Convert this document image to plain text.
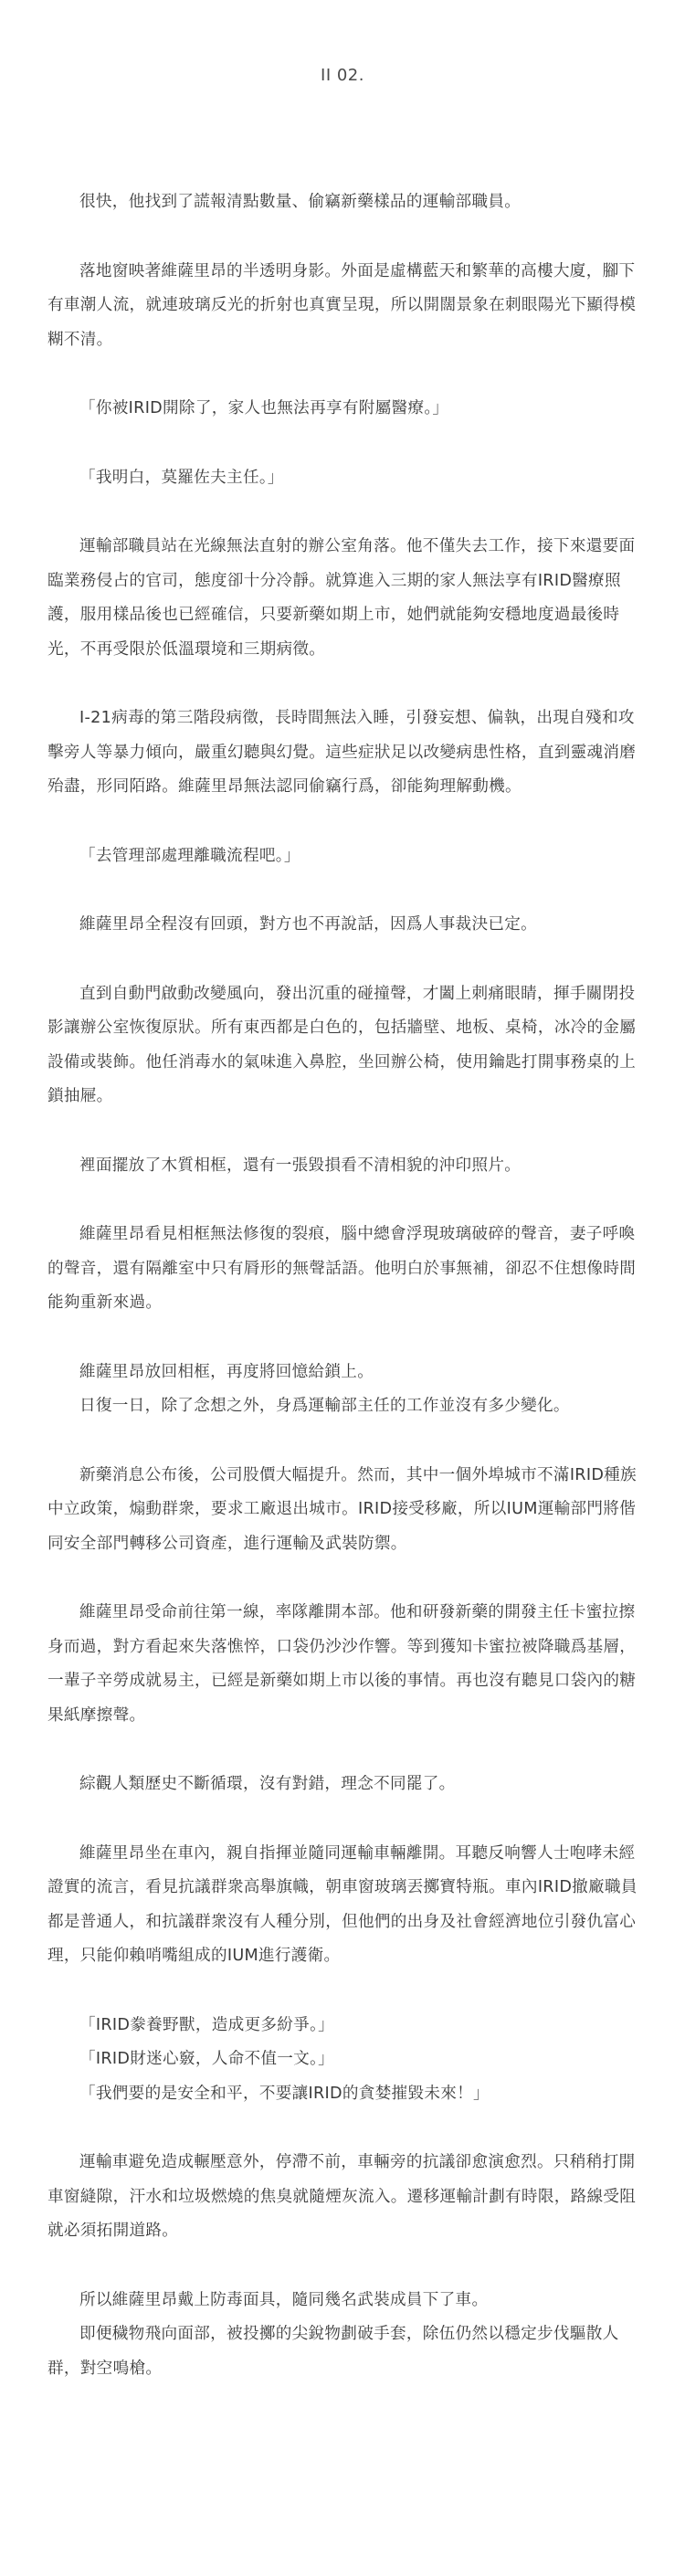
II 02.

很快，他找到了謊報清點數量、偷竊新藥樣品的運輸部職員。

落地窗映著維薩里昂的半透明身影。外面是虛構藍天和繁華的高樓大廈，腳下有車潮人流，就連玻璃反光的折射也真實呈現，所以開闊景象在刺眼陽光下顯得模糊不清。

「你被IRID開除了，家人也無法再享有附屬醫療。」

「我明白，莫羅佐夫主任。」

運輸部職員站在光線無法直射的辦公室角落。他不僅失去工作，接下來還要面臨業務侵占的官司，態度卻十分冷靜。就算進入三期的家人無法享有IRID醫療照護，服用樣品後也已經確信，只要新藥如期上市，她們就能夠安穩地度過最後時光，不再受限於低溫環境和三期病徵。

I-21病毒的第三階段病徵，長時間無法入睡，引發妄想、偏執，出現自殘和攻擊旁人等暴力傾向，嚴重幻聽與幻覺。這些症狀足以改變病患性格，直到靈魂消磨殆盡，形同陌路。維薩里昂無法認同偷竊行爲，卻能夠理解動機。

「去管理部處理離職流程吧。」

維薩里昂全程沒有回頭，對方也不再說話，因爲人事裁決已定。

直到自動門啟動改變風向，發出沉重的碰撞聲，才闔上刺痛眼睛，揮手關閉投影讓辦公室恢復原狀。所有東西都是白色的，包括牆壁、地板、桌椅，冰冷的金屬設備或裝飾。他任消毒水的氣味進入鼻腔，坐回辦公椅，使用鑰匙打開事務桌的上鎖抽屜。

裡面擺放了木質相框，還有一張毀損看不清相貌的沖印照片。

維薩里昂看見相框無法修復的裂痕，腦中總會浮現玻璃破碎的聲音，妻子呼喚的聲音，還有隔離室中只有脣形的無聲話語。他明白於事無補，卻忍不住想像時間能夠重新來過。

維薩里昂放回相框，再度將回憶給鎖上。

日復一日，除了念想之外，身爲運輸部主任的工作並沒有多少變化。

新藥消息公布後，公司股價大幅提升。然而，其中一個外埠城市不滿IRID種族中立政策，煽動群衆，要求工廠退出城市。IRID接受移廠，所以IUM運輸部門將偕同安全部門轉移公司資產，進行運輸及武裝防禦。

維薩里昂受命前往第一線，率隊離開本部。他和研發新藥的開發主任卡蜜拉擦身而過，對方看起來失落憔悴，口袋仍沙沙作響。等到獲知卡蜜拉被降職爲基層，一輩子辛勞成就易主，已經是新藥如期上市以後的事情。再也沒有聽見口袋內的糖果紙摩擦聲。

綜觀人類歷史不斷循環，沒有對錯，理念不同罷了。

維薩里昂坐在車內，親自指揮並隨同運輸車輛離開。耳聽反响響人士咆哮未經證實的流言，看見抗議群衆高舉旗幟，朝車窗玻璃丟擲寶特瓶。車內IRID撤廠職員都是普通人，和抗議群衆沒有人種分別，但他們的出身及社會經濟地位引發仇富心理，只能仰賴哨嘴組成的IUM進行護衛。

「IRID豢養野獸，造成更多紛爭。」

「IRID財迷心竅，人命不值一文。」

「我們要的是安全和平，不要讓IRID的貪婪摧毀未來！」

運輸車避免造成輾壓意外，停滯不前，車輛旁的抗議卻愈演愈烈。只稍稍打開車窗縫隙，汗水和垃圾燃燒的焦臭就隨煙灰流入。遷移運輸計劃有時限，路線受阻就必須拓開道路。

所以維薩里昂戴上防毒面具，隨同幾名武裝成員下了車。

即便穢物飛向面部，被投擲的尖銳物劃破手套，除伍仍然以穩定步伐驅散人群，對空鳴槍。
